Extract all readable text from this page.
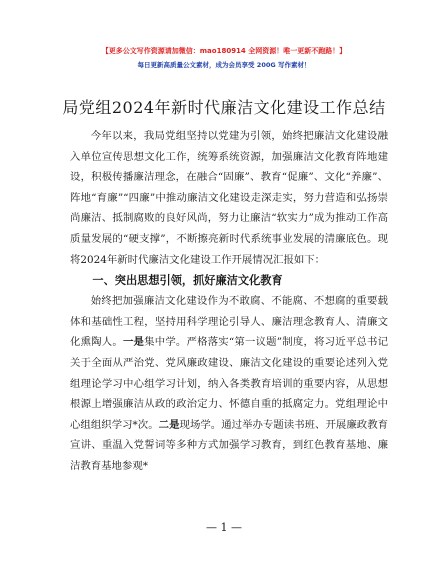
【更多公文写作资源请加微信：mao180914 全网资源！唯一更新不跑路！】
每日更新高质量公文素材，成为会员享受 200G 写作素材！
局党组2024年新时代廉洁文化建设工作总结

今年以来，我局党组坚持以党建为引领，始终把廉洁文化建设融入单位宣传思想文化工作，统筹系统资源，加强廉洁文化教育阵地建设，积极传播廉洁理念，在融合“固廉”、教育“促廉”、文化“养廉”、阵地“育廉”“四廉”中推动廉洁文化建设走深走实，努力营造和弘扬崇尚廉洁、抵制腐败的良好风尚，努力让廉洁“软实力”成为推动工作高质量发展的“硬支撑”，不断擦亮新时代系统事业发展的清廉底色。现将2024年新时代廉洁文化建设工作开展情况汇报如下：

一、突出思想引领，抓好廉洁文化教育

始终把加强廉洁文化建设作为不敢腐、不能腐、不想腐的重要载体和基础性工程，坚持用科学理论引导人、廉洁理念教育人、清廉文化熏陶人。一是集中学。严格落实“第一议题”制度，将习近平总书记关于全面从严治党、党风廉政建设、廉洁文化建设的重要论述列入党组理论学习中心组学习计划，纳入各类教育培训的重要内容，从思想根源上增强廉洁从政的政治定力、怀德自重的抵腐定力。党组理论中心组组织学习*次。二是现场学。通过举办专题读书班、开展廉政教育宣讲、重温入党誓词等多种方式加强学习教育，到红色教育基地、廉洁教育基地参观*

— 1 —
